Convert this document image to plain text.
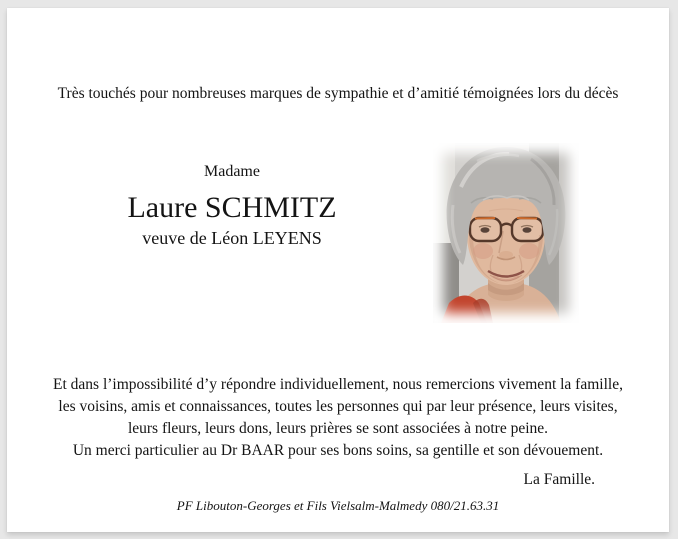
Très touchés pour nombreuses marques de sympathie et d’amitié témoignées lors du décès
Madame
Laure SCHMITZ
veuve de Léon LEYENS
Et dans l’impossibilité d’y répondre individuellement, nous remercions vivement la famille,
les voisins, amis et connaissances, toutes les personnes qui par leur présence, leurs visites,
leurs fleurs, leurs dons, leurs prières se sont associées à notre peine.
Un merci particulier au Dr BAAR pour ses bons soins, sa gentille et son dévouement.
La Famille.
PF Libouton-Georges et Fils Vielsalm-Malmedy 080/21.63.31
